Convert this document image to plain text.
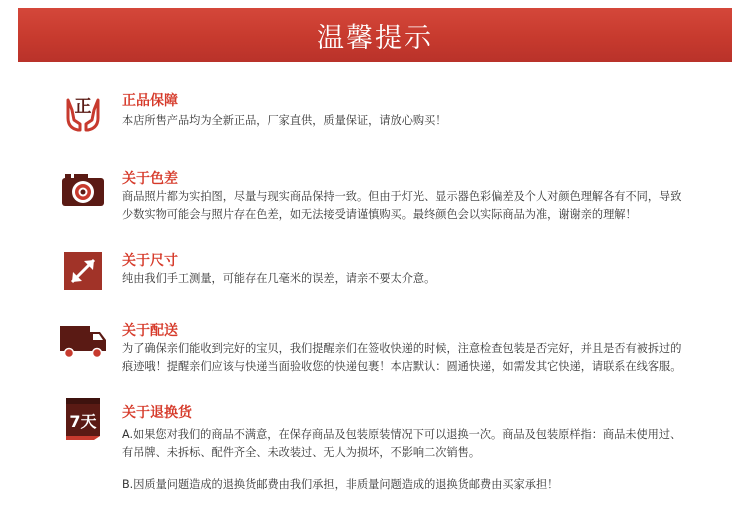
温馨提示
正 正品保障
本店所售产品均为全新正品，厂家直供，质量保证，请放心购买！
关于色差
商品照片都为实拍图，尽量与现实商品保持一致。但由于灯光、显示器色彩偏差及个人对颜色理解各有不同，导致
少数实物可能会与照片存在色差，如无法接受请谨慎购买。最终颜色会以实际商品为准，谢谢亲的理解！
关于尺寸
纯由我们手工测量，可能存在几毫米的误差，请亲不要太介意。
关于配送
为了确保亲们能收到完好的宝贝，我们提醒亲们在签收快递的时候，注意检查包装是否完好，并且是否有被拆过的
痕迹哦！提醒亲们应该与快递当面验收您的快递包裹！本店默认：圆通快递，如需发其它快递，请联系在线客服。
7天 关于退换货
A.如果您对我们的商品不满意，在保存商品及包装原装情况下可以退换一次。商品及包装原样指：商品未使用过、
有吊牌、未拆标、配件齐全、未改装过、无人为损坏，不影响二次销售。
B.因质量问题造成的退换货邮费由我们承担，非质量问题造成的退换货邮费由买家承担！
